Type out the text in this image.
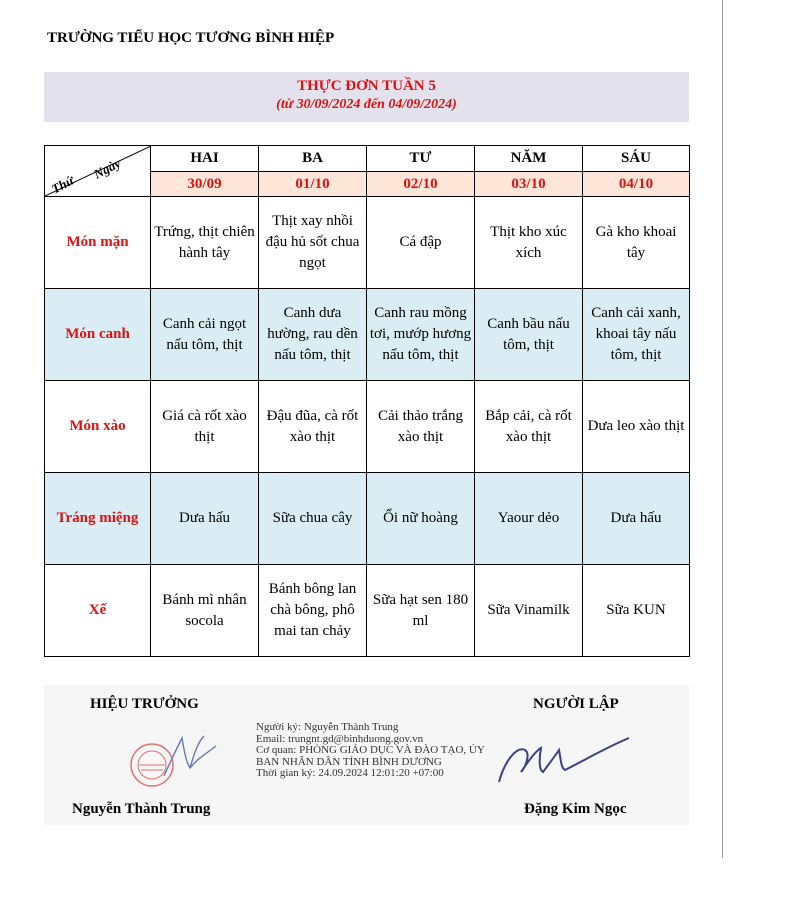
TRƯỜNG TIỂU HỌC TƯƠNG BÌNH HIỆP
THỰC ĐƠN TUẦN 5
(từ 30/09/2024 đến 04/09/2024)
Thứ
Ngày	HAI	BA	TƯ	NĂM	SÁU
	30/09	01/10	02/10	03/10	04/10
Món mặn	Trứng, thịt chiên hành tây	Thịt xay nhồi đậu hủ sốt chua ngọt	Cá đập	Thịt kho xúc xích	Gà kho khoai tây
Món canh	Canh cải ngọt nấu tôm, thịt	Canh dưa hường, rau dền nấu tôm, thịt	Canh rau mồng tơi, mướp hương nấu tôm, thịt	Canh bầu nấu tôm, thịt	Canh cải xanh, khoai tây nấu tôm, thịt
Món xào	Giá cà rốt xào thịt	Đậu đũa, cà rốt xào thịt	Cải thảo trắng xào thịt	Bắp cải, cà rốt xào thịt	Dưa leo xào thịt
Tráng miệng	Dưa hấu	Sữa chua cây	Ổi nữ hoàng	Yaour dẻo	Dưa hấu
Xế	Bánh mì nhân socola	Bánh bông lan chà bông, phô mai tan chảy	Sữa hạt sen 180 ml	Sữa Vinamilk	Sữa KUN
HIỆU TRƯỞNG	NGƯỜI LẬP
Người ký: Nguyễn Thành Trung
Email: trungnt.gd@binhduong.gov.vn
Cơ quan: PHÒNG GIÁO DỤC VÀ ĐÀO TẠO, ỦY BAN NHÂN DÂN TỈNH BÌNH DƯƠNG
Thời gian ký: 24.09.2024 12:01:20 +07:00
Nguyễn Thành Trung	Đặng Kim Ngọc
